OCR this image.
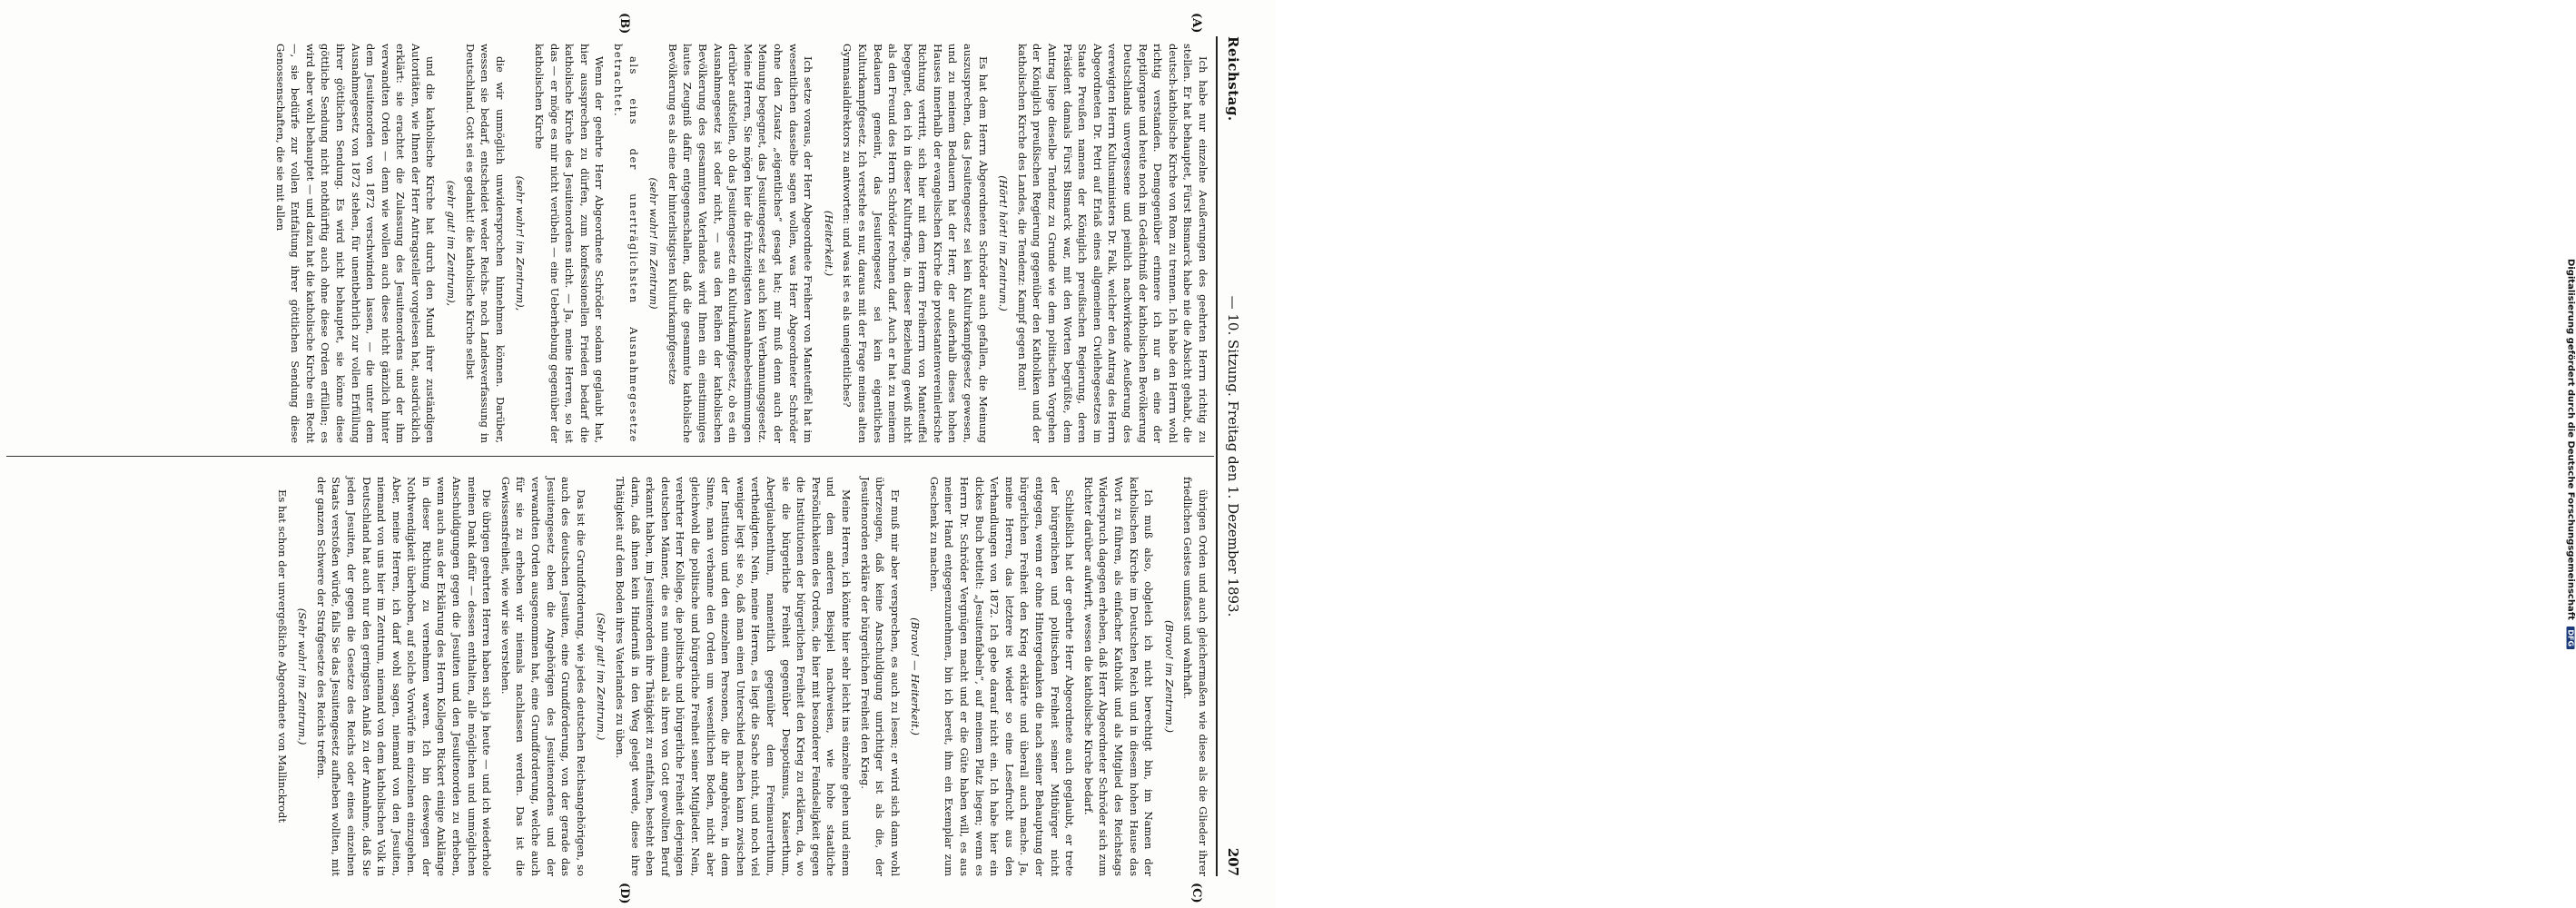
Reichstag.
— 10. Sitzung. Freitag den 1. Dezember 1893.
207
(A)
(B)
(C)
(D)

Ich habe nur einzelne Aeußerungen des geehrten Herrn richtig zu stellen. Er hat behauptet, Fürst Bismarck habe nie die Absicht gehabt, die deutsch-katholische Kirche von Rom zu trennen. Ich habe den Herrn wohl richtig verstanden. Demgegenüber erinnere ich nur an eine der Reptilorgane und heute noch im Gedächtniß der katholischen Bevölkerung Deutschlands unvergessene und peinlich nachwirkende Aeußerung des verewigten Herrn Kultusministers Dr. Falk, welcher den Antrag des Herrn Abgeordneten Dr. Petri auf Erlaß eines allgemeinen Civilehegesetzes im Staate Preußen namens der Königlich preußischen Regierung, deren Präsident damals Fürst Bismarck war, mit den Worten begrüßte, dem Antrag liege dieselbe Tendenz zu Grunde wie dem politischen Vorgehen der Königlich preußischen Regierung gegenüber den Katholiken und der katholischen Kirche des Landes, die Tendenz: Kampf gegen Rom!

(Hört! hört! im Zentrum.)

Es hat dem Herrn Abgeordneten Schröder auch gefallen, die Meinung auszusprechen, das Jesuitengesetz sei kein Kulturkampfgesetz gewesen, und zu meinem Bedauern hat der Herr, der außerhalb dieses hohen Hauses innerhalb der evangelischen Kirche die protestantenvereinlerische Richtung vertritt, sich hier mit dem Herrn Freiherrn von Manteuffel begegnet, den ich in dieser Kulturfrage, in dieser Beziehung gewiß nicht als den Freund des Herrn Schröder rechnen darf. Auch er hat zu meinem Bedauern gemeint, das Jesuitengesetz sei kein eigentliches Kulturkampfgesetz. Ich verstehe es nur, daraus mit der Frage meines alten Gymnasialdirektors zu antworten: und was ist es als uneigentliches?

(Heiterkeit.)

Ich setze voraus, der Herr Abgeordnete Freiherr von Manteuffel hat im wesentlichen dasselbe sagen wollen, was Herr Abgeordneter Schröder ohne den Zusatz „eigentliches“ gesagt hat; mir muß denn auch der Meinung begegnet, das Jesuitengesetz sei auch kein Verbannungsgesetz. Meine Herren, Sie mögen hier die frühzeitigsten Ausnahmebestimmungen derüber aufstellen, ob das Jesuitengesetz ein Kulturkampfgesetz, ob es ein Ausnahmegesetz ist oder nicht, — aus den Reihen der katholischen Bevölkerung des gesammten Vaterlandes wird Ihnen ein einstimmiges lautes Zeugniß dafür entgegenschallen, daß die gesammte katholische Bevölkerung es als eine der hinterlistigsten Kulturkampfgesetze

(sehr wahr! im Zentrum)

als eins der unerträglichsten Ausnahmegesetze betrachtet.

Wenn der geehrte Herr Abgeordnete Schröder sodann geglaubt hat, hier aussprechen zu dürfen, zum konfessionellen Frieden bedarf die katholische Kirche des Jesuitenordens nicht. — Ja, meine Herren, so ist das — er möge es mir nicht verübeln — eine Ueberhebung gegenüber der katholischen Kirche

(sehr wahr! im Zentrum),

die wir unmöglich unwidersprochen hinnehmen können. Darüber, wessen sie bedarf, entscheidet weder Reichs- noch Landesverfassung in Deutschland. Gott sei es gedankt! die katholische Kirche selbst

(sehr gut! im Zentrum),

und die katholische Kirche hat durch den Mund ihrer zuständigen Autoritäten, wie Ihnen der Herr Antragsteller vorgelesen hat, ausdrücklich erklärt: sie erachtet die Zulassung des Jesuitenordens und der ihm verwandten Orden — denn wie wollen auch diese nicht gänzlich hinter dem Jesuitenorden von 1872 verschwinden lassen, — die unter dem Ausnahmegesetz von 1872 stehen, für unentbehrlich zur vollen Erfüllung ihrer göttlichen Sendung. Es wird nicht behauptet, sie könne diese göttliche Sendung nicht nothdürftig auch ohne diese Orden erfüllen; es wird aber wohl behauptet — und dazu hat die katholische Kirche ein Recht —, sie bedürfe zur vollen Entfaltung ihrer göttlichen Sendung diese Genossenschaften, die sie mit allen

übrigen Orden und auch gleichermaßen wie diese als die Glieder ihrer friedlichen Geistes umfasst und wahrhaft.

(Bravo! im Zentrum.)

Ich muß also, obgleich ich nicht berechtigt bin, im Namen der katholischen Kirche im Deutschen Reich und in diesem hohen Hause das Wort zu führen, als einfacher Katholik und als Mitglied des Reichstags Widerspruch dagegen erheben, daß Herr Abgeordneter Schröder sich zum Richter darüber aufwirft, wessen die katholische Kirche bedarf.

Schließlich hat der geehrte Herr Abgeordnete auch geglaubt, er trete der bürgerlichen und politischen Freiheit seiner Mitbürger nicht entgegen, wenn er ohne Hintergedanken die nach seiner Behauptung der bürgerlichen Freiheit den Krieg erklärte und überall auch mache. Ja, meine Herren, das letztere ist wieder so eine Lesefrucht aus den Verhandlungen von 1872. Ich gebe darauf nicht ein. Ich habe hier ein dickes Buch betitelt: „Jesuitenfabeln“, auf meinem Platz liegen; wenn es Herrn Dr. Schröder Vergnügen macht und er die Güte haben will, es aus meiner Hand entgegenzunehmen, bin ich bereit, ihm ein Exemplar zum Geschenk zu machen.

(Bravo! — Heiterkeit.)

Er muß mir aber versprechen, es auch zu lesen; er wird sich dann wohl überzeugen, daß keine Anschuldigung unrichtiger ist als die, der Jesuitenorden erkläre der bürgerlichen Freiheit den Krieg.

Meine Herren, ich könnte hier sehr leicht ins einzelne gehen und einem und dem anderen Beispiel nachweisen, wie hohe staatliche Persönlichkeiten des Ordens, die hier mit besonderer Feindseligkeit gegen die Institutionen der bürgerlichen Freiheit den Krieg zu erklären, da, wo sie die bürgerliche Freiheit gegenüber Despotismus, Kaiserthum, Aberglaubenthum, namentlich gegenüber dem Freimaurerthum, vertheidigten. Nein, meine Herren, es liegt die Sache nicht, und noch viel weniger liegt sie so, daß man einen Unterschied machen kann zwischen der Institution und den einzelnen Personen, die ihr angehören, in dem Sinne, man verbanne den Orden um wesentlichen Boden, nicht aber gleichwohl die politische und bürgerliche Freiheit seiner Mitglieder. Nein, verehrter Herr Kollege, die politische und bürgerliche Freiheit derjenigen deutschen Männer, die es nun einmal als ihren von Gott gewollten Beruf erkannt haben, im Jesuitenorden ihre Thätigkeit zu entfalten, besteht eben darin, daß ihnen kein Hinderniß in den Weg gelegt werde, diese ihre Thätigkeit auf dem Boden ihres Vaterlandes zu üben.

(Sehr gut! im Zentrum.)

Das ist die Grundforderung, wie jedes deutschen Reichsangehörigen, so auch des deutschen Jesuiten, eine Grundforderung, von der gerade das Jesuitengesetz eben die Angehörigen des Jesuitenordens und der verwandten Orden ausgenommen hat, eine Grundforderung, welche auch für sie zu erheben wir niemals nachlassen werden. Das ist die Gewissensfreiheit, wie wir sie verstehen.

Die übrigen geehrten Herren haben sich ja heute — und ich wiederhole meinen Dank dafür — dessen enthalten, alle möglichen und unmöglichen Anschuldigungen gegen die Jesuiten und den Jesuitenorden zu erheben, wenn auch aus der Erklärung des Herrn Kollegen Rickert einige Anklänge in dieser Richtung zu vernehmen waren. Ich bin deswegen der Nothwendigkeit überhoben, auf solche Vorwürfe im einzelnen einzugehen. Aber, meine Herren, ich darf wohl sagen, niemand von den Jesuiten, niemand von uns hier im Zentrum, niemand von dem katholischen Volk in Deutschland hat auch nur den geringsten Anlaß zu der Annahme, daß Sie jeden Jesuiten, der gegen die Gesetze des Reichs oder eines einzelnen Staats verstoßen würde, falls Sie das Jesuitengesetz aufheben wollten, mit der ganzen Schwere der Strafgesetze des Reichs treffen.

(Sehr wahr! im Zentrum.)

Es hat schon der unvergeßliche Abgeordnete von Mallinckrodt

Digitalisierung gefördert durch die Deutsche Forschungsgemeinschaft DFG
